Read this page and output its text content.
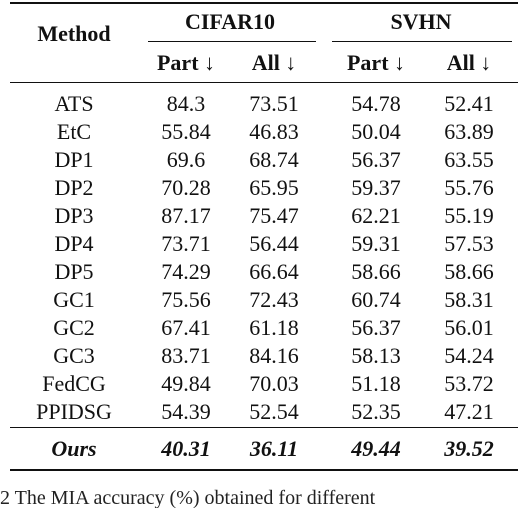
Method	CIFAR10	SVHN
Part ↓	All ↓	Part ↓	All ↓
ATS	84.3	73.51	54.78	52.41
EtC	55.84	46.83	50.04	63.89
DP1	69.6	68.74	56.37	63.55
DP2	70.28	65.95	59.37	55.76
DP3	87.17	75.47	62.21	55.19
DP4	73.71	56.44	59.31	57.53
DP5	74.29	66.64	58.66	58.66
GC1	75.56	72.43	60.74	58.31
GC2	67.41	61.18	56.37	56.01
GC3	83.71	84.16	58.13	54.24
FedCG	49.84	70.03	51.18	53.72
PPIDSG	54.39	52.54	52.35	47.21
Ours	40.31	36.11	49.44	39.52
2 The MIA accuracy (%) obtained for different
